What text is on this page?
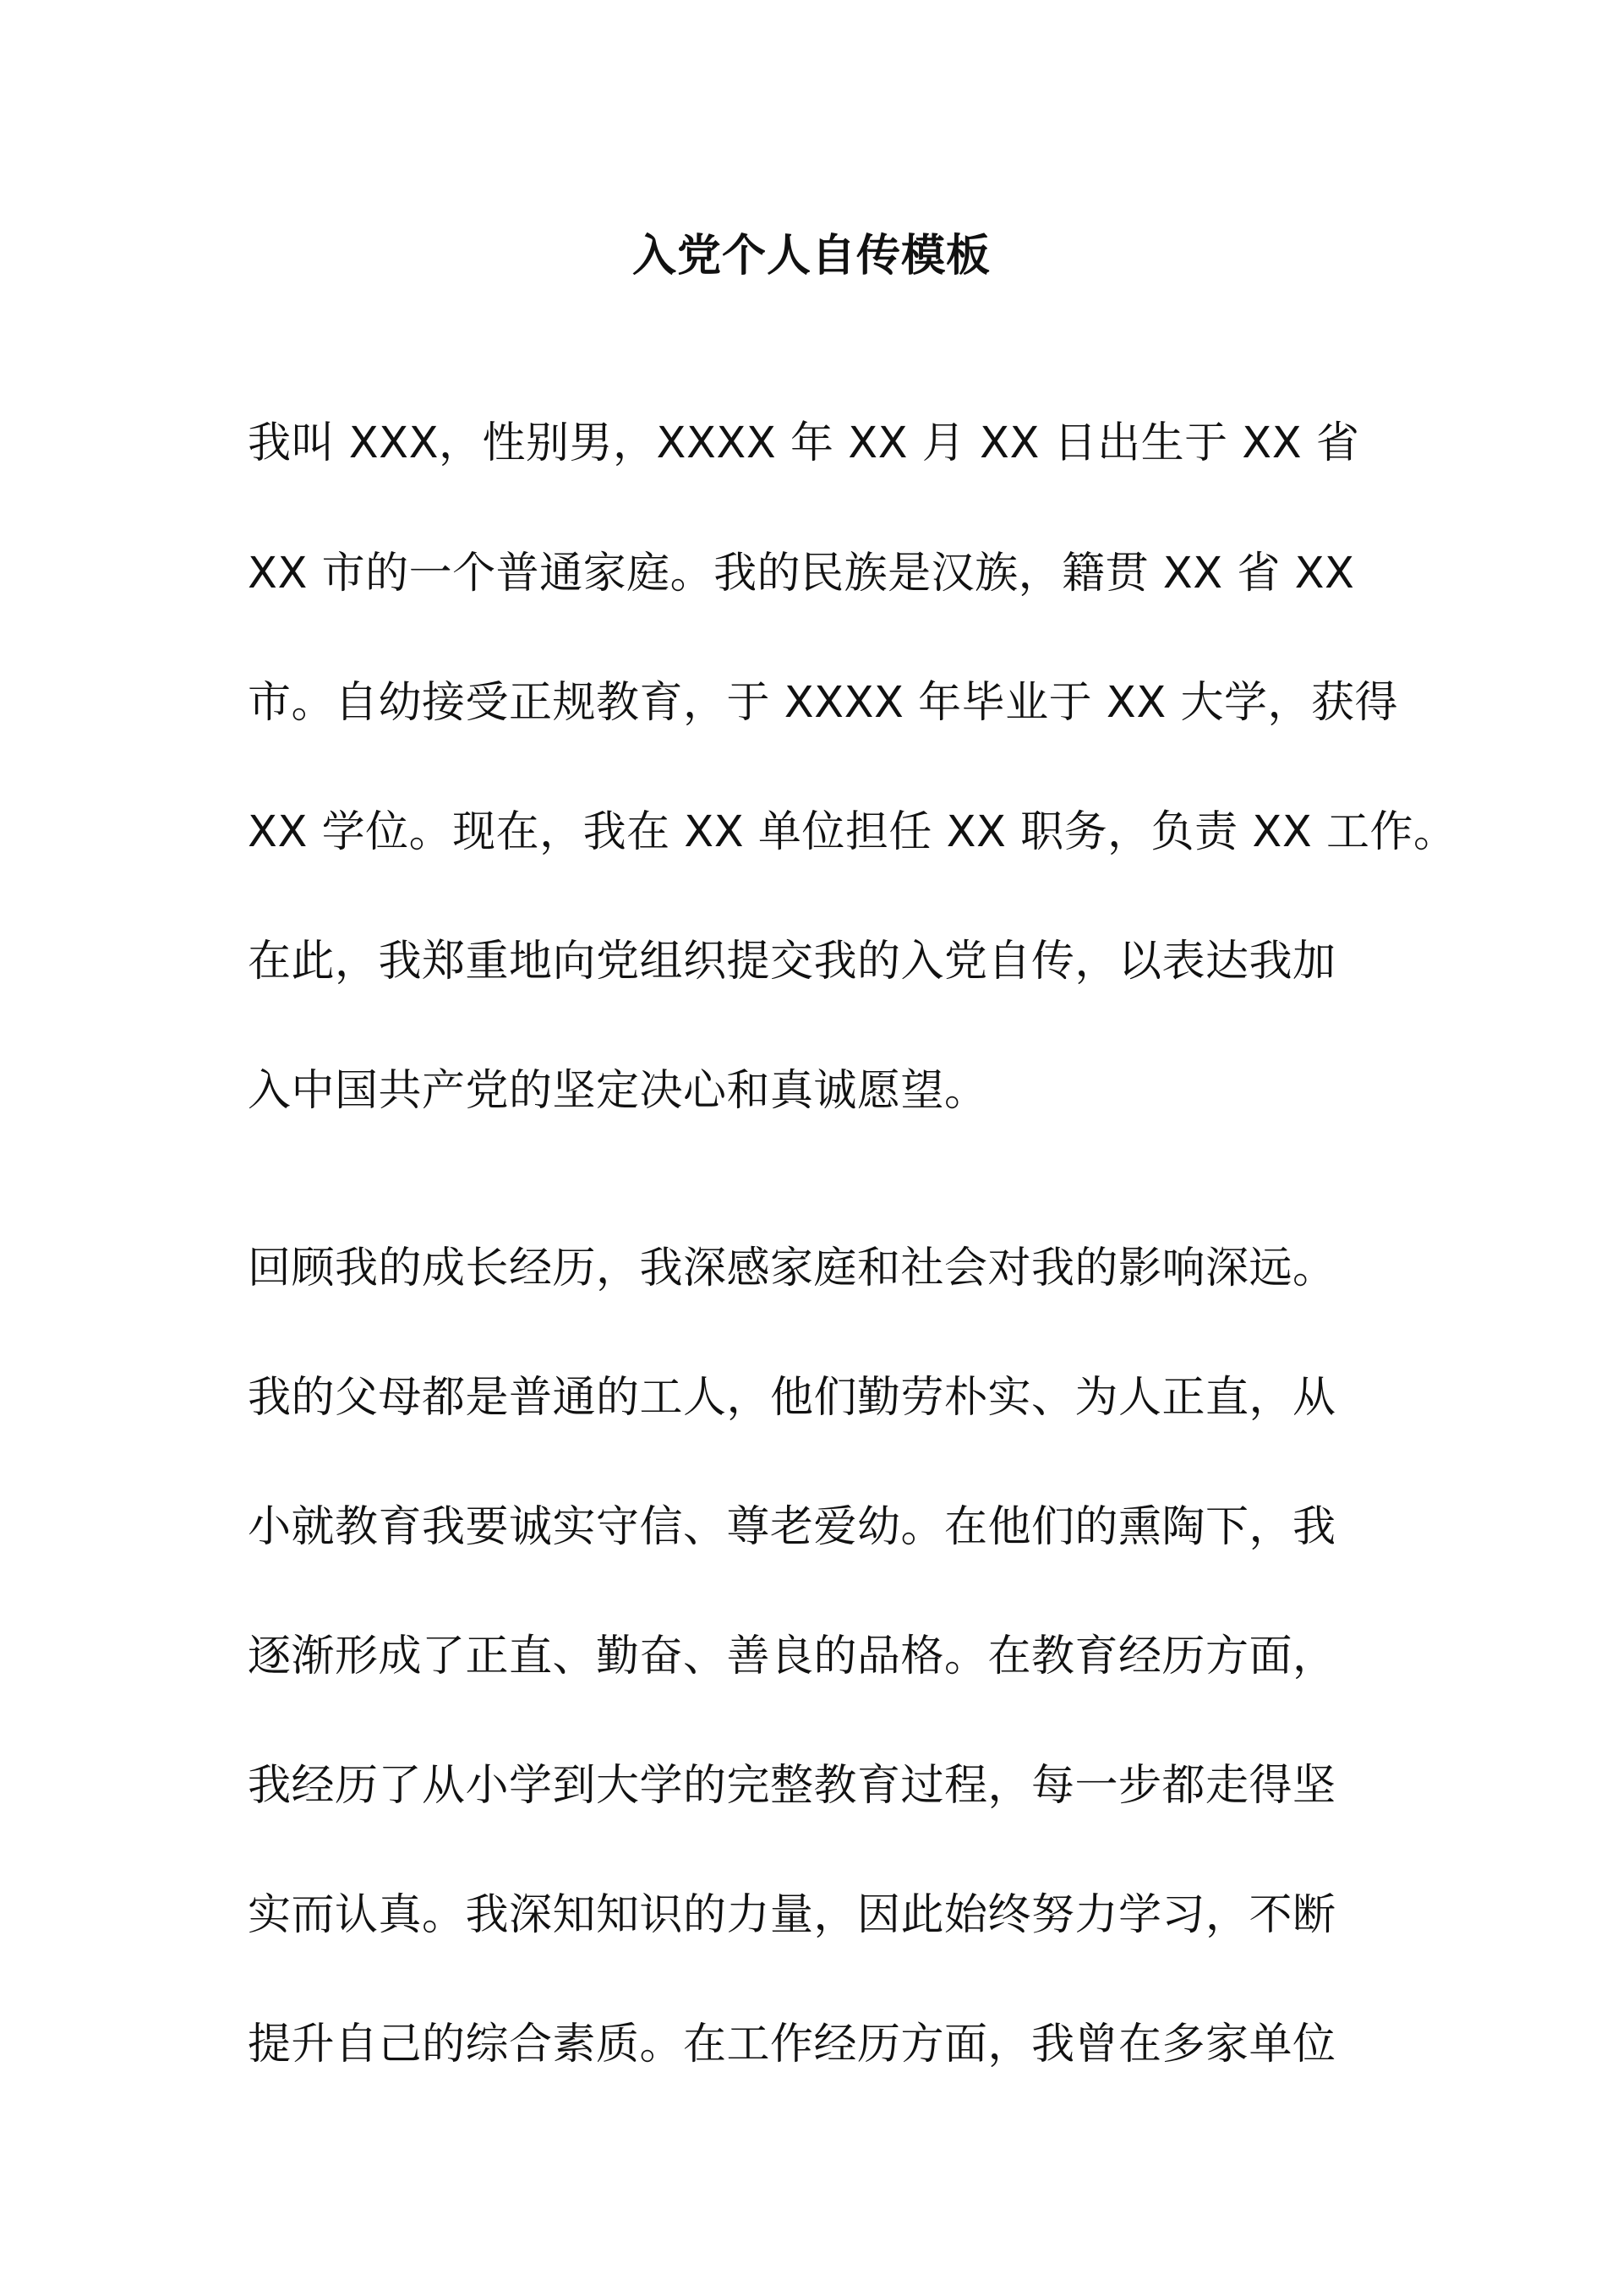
入党个人自传模板

我叫 XXX，性别男，XXXX 年 XX 月 XX 日出生于 XX 省

XX 市的一个普通家庭。我的民族是汉族，籍贯 XX 省 XX

市。自幼接受正规教育，于 XXXX 年毕业于 XX 大学，获得

XX 学位。现在，我在 XX 单位担任 XX 职务，负责 XX 工作。

在此，我郑重地向党组织提交我的入党自传，以表达我加

入中国共产党的坚定决心和真诚愿望。

回顾我的成长经历，我深感家庭和社会对我的影响深远。

我的父母都是普通的工人，他们勤劳朴实、为人正直，从

小就教育我要诚实守信、尊老爱幼。在他们的熏陶下，我

逐渐形成了正直、勤奋、善良的品格。在教育经历方面，

我经历了从小学到大学的完整教育过程，每一步都走得坚

实而认真。我深知知识的力量，因此始终努力学习，不断

提升自己的综合素质。在工作经历方面，我曾在多家单位
